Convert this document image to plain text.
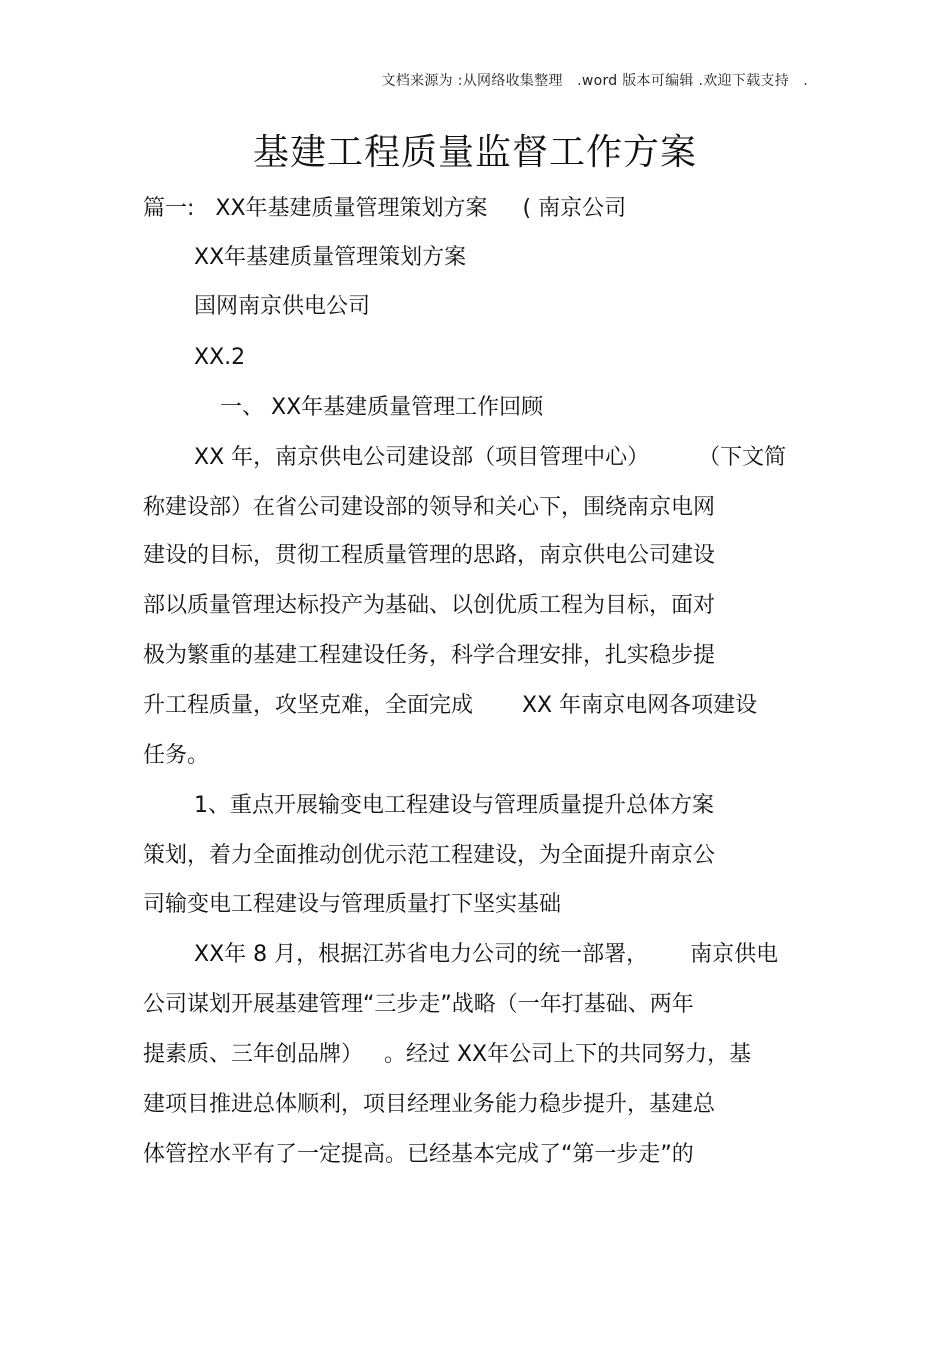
文档来源为 :从网络收集整理   .word 版本可编辑 .欢迎下载支持   .
基建工程质量监督工作方案
篇一:   XX年基建质量管理策划方案     ( 南京公司
XX年基建质量管理策划方案
国网南京供电公司
XX.2
一、 XX年基建质量管理工作回顾
XX 年，南京供电公司建设部（项目管理中心）       （下文简
称建设部）在省公司建设部的领导和关心下，围绕南京电网
建设的目标，贯彻工程质量管理的思路，南京供电公司建设
部以质量管理达标投产为基础、以创优质工程为目标，面对
极为繁重的基建工程建设任务，科学合理安排，扎实稳步提
升工程质量，攻坚克难，全面完成       XX 年南京电网各项建设
任务。
1、重点开展输变电工程建设与管理质量提升总体方案
策划，着力全面推动创优示范工程建设，为全面提升南京公
司输变电工程建设与管理质量打下坚实基础
XX年 8 月，根据江苏省电力公司的统一部署，      南京供电
公司谋划开展基建管理“三步走”战略（一年打基础、两年
提素质、三年创品牌）   。经过 XX年公司上下的共同努力，基
建项目推进总体顺利，项目经理业务能力稳步提升，基建总
体管控水平有了一定提高。已经基本完成了“第一步走”的
